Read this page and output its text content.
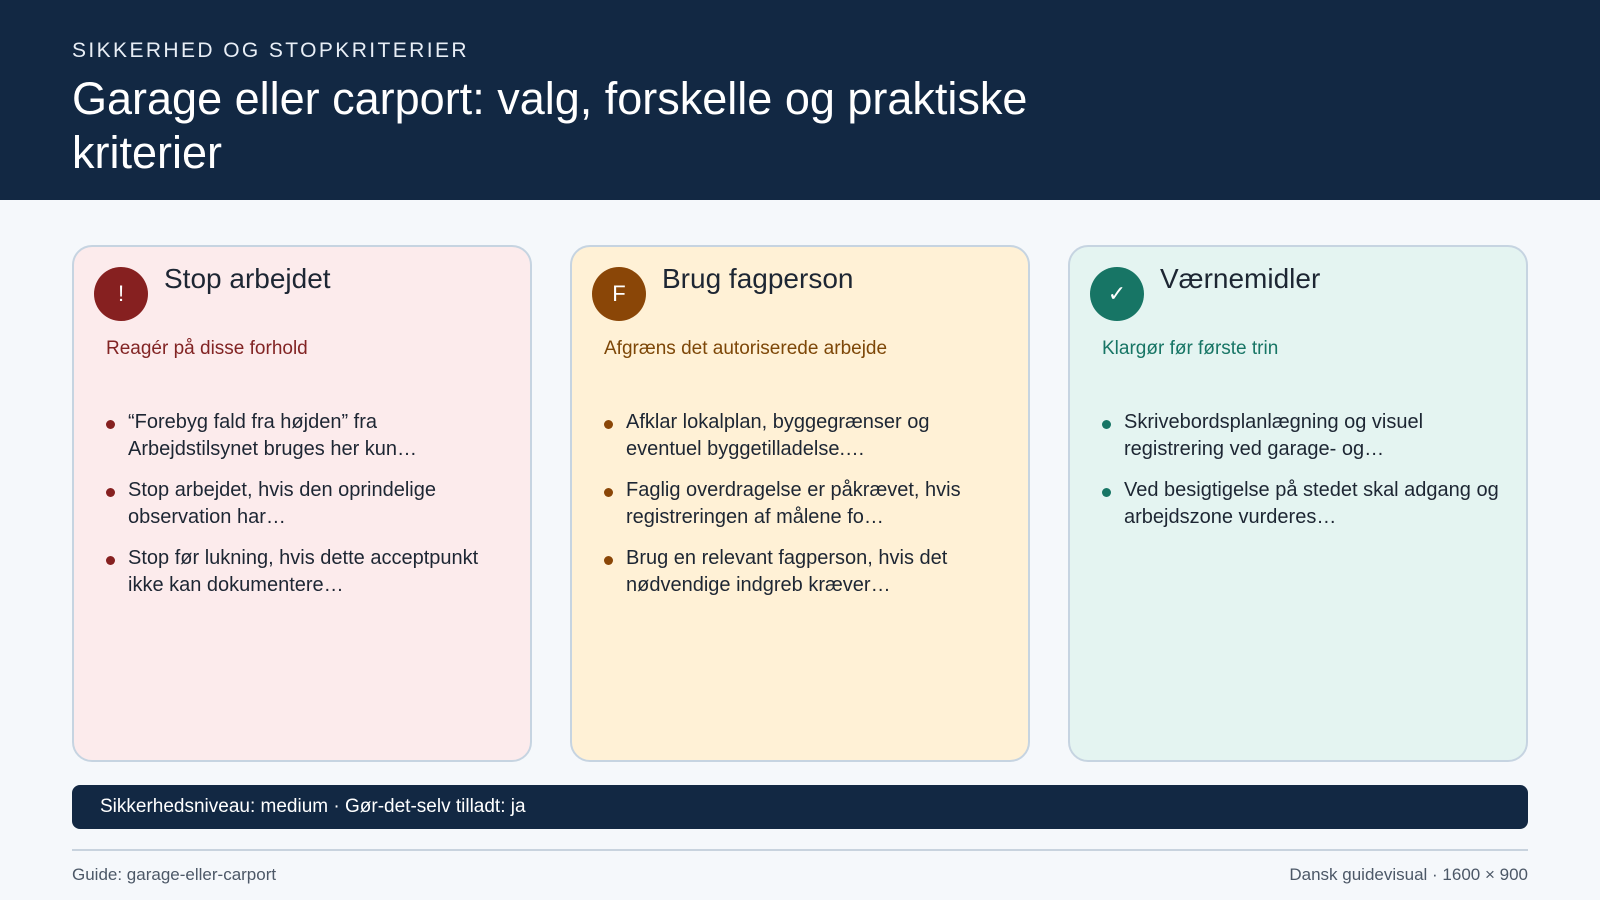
SIKKERHED OG STOPKRITERIER
Garage eller carport: valg, forskelle og praktiske kriterier
!	Stop arbejdet
Reagér på disse forhold
“Forebyg fald fra højden” fra Arbejdstilsynet bruges her kun…
Stop arbejdet, hvis den oprindelige observation har…
Stop før lukning, hvis dette acceptpunkt ikke kan dokumentere…
F	Brug fagperson
Afgræns det autoriserede arbejde
Afklar lokalplan, byggegrænser og eventuel byggetilladelse.…
Faglig overdragelse er påkrævet, hvis registreringen af målene fo…
Brug en relevant fagperson, hvis det nødvendige indgreb kræver…
✓	Værnemidler
Klargør før første trin
Skrivebordsplanlægning og visuel registrering ved garage- og…
Ved besigtigelse på stedet skal adgang og arbejdszone vurderes…
Sikkerhedsniveau: medium · Gør-det-selv tilladt: ja
Guide: garage-eller-carport	Dansk guidevisual · 1600 × 900
